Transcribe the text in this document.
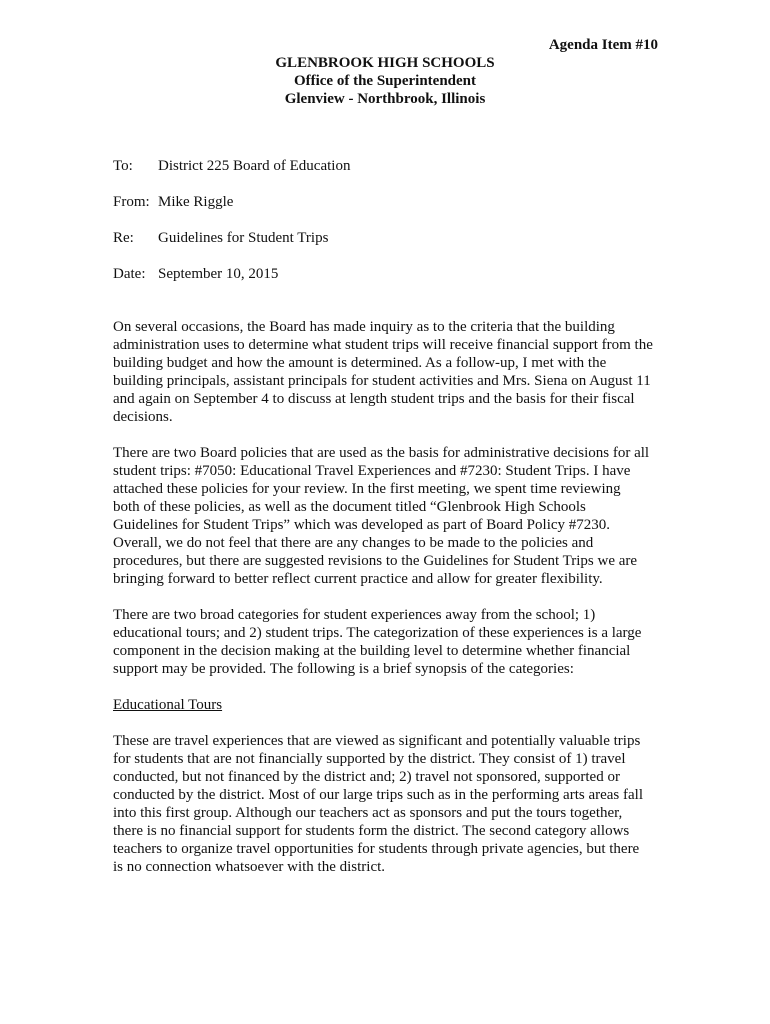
Agenda Item #10
GLENBROOK HIGH SCHOOLS
Office of the Superintendent
Glenview - Northbrook, Illinois
To:	District 225 Board of Education
From: Mike Riggle
Re:	Guidelines for Student Trips
Date: September 10, 2015
On several occasions, the Board has made inquiry as to the criteria that the building
administration uses to determine what student trips will receive financial support from the
building budget and how the amount is determined. As a follow-up, I met with the
building principals, assistant principals for student activities and Mrs. Siena on August 11
and again on September 4 to discuss at length student trips and the basis for their fiscal
decisions.
There are two Board policies that are used as the basis for administrative decisions for all
student trips: #7050: Educational Travel Experiences and #7230: Student Trips. I have
attached these policies for your review. In the first meeting, we spent time reviewing
both of these policies, as well as the document titled “Glenbrook High Schools
Guidelines for Student Trips” which was developed as part of Board Policy #7230.
Overall, we do not feel that there are any changes to be made to the policies and
procedures, but there are suggested revisions to the Guidelines for Student Trips we are
bringing forward to better reflect current practice and allow for greater flexibility.
There are two broad categories for student experiences away from the school; 1)
educational tours; and 2) student trips. The categorization of these experiences is a large
component in the decision making at the building level to determine whether financial
support may be provided. The following is a brief synopsis of the categories:
Educational Tours
These are travel experiences that are viewed as significant and potentially valuable trips
for students that are not financially supported by the district. They consist of 1) travel
conducted, but not financed by the district and; 2) travel not sponsored, supported or
conducted by the district. Most of our large trips such as in the performing arts areas fall
into this first group. Although our teachers act as sponsors and put the tours together,
there is no financial support for students form the district. The second category allows
teachers to organize travel opportunities for students through private agencies, but there
is no connection whatsoever with the district.
